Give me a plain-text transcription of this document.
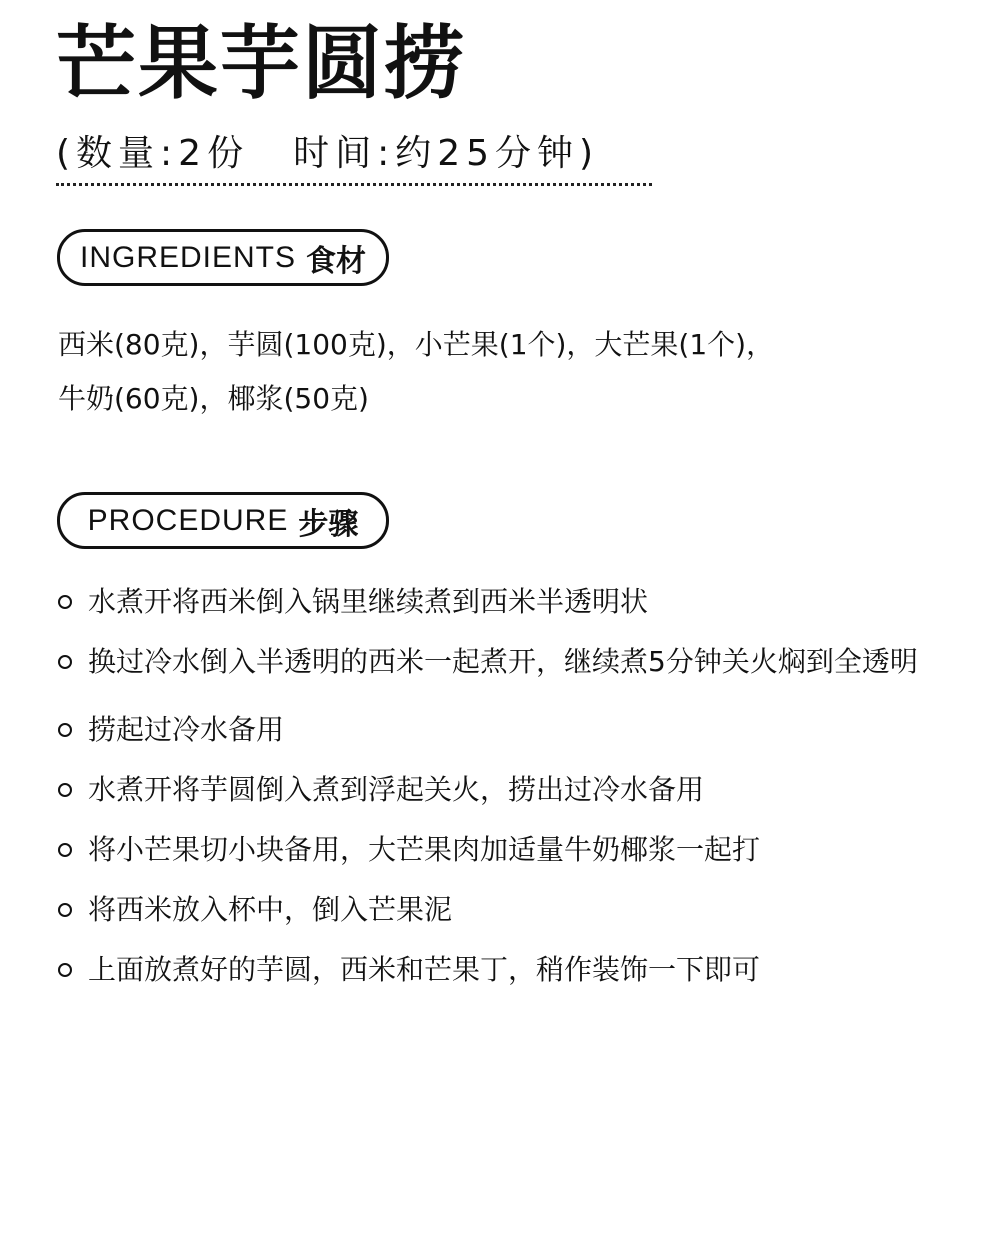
芒果芋圆捞
(数量:2份 时间:约25分钟)
INGREDIENTS 食材
西米(80克)，芋圆(100克)，小芒果(1个)，大芒果(1个)，
牛奶(60克)，椰浆(50克)
PROCEDURE 步骤
水煮开将西米倒入锅里继续煮到西米半透明状
换过冷水倒入半透明的西米一起煮开，继续煮5分钟关火焖到全透明
捞起过冷水备用
水煮开将芋圆倒入煮到浮起关火，捞出过冷水备用
将小芒果切小块备用，大芒果肉加适量牛奶椰浆一起打
将西米放入杯中，倒入芒果泥
上面放煮好的芋圆，西米和芒果丁，稍作装饰一下即可
